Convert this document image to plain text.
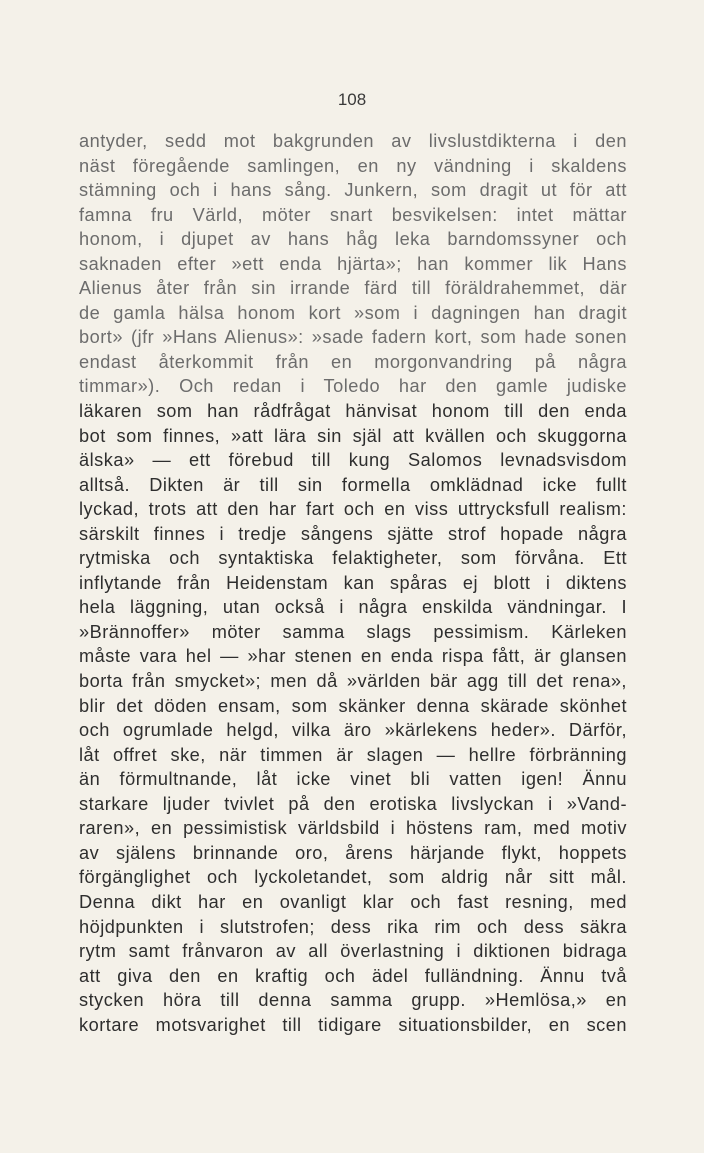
108
antyder, sedd mot bakgrunden av livslustdikterna i den
näst föregående samlingen, en ny vändning i skaldens
stämning och i hans sång. Junkern, som dragit ut för att
famna fru Värld, möter snart besvikelsen: intet mättar
honom, i djupet av hans håg leka barndomssyner och
saknaden efter »ett enda hjärta»; han kommer lik Hans
Alienus åter från sin irrande färd till föräldrahemmet, där
de gamla hälsa honom kort »som i dagningen han dragit
bort» (jfr »Hans Alienus»: »sade fadern kort, som hade sonen
endast återkommit från en morgonvandring på några
timmar»). Och redan i Toledo har den gamle judiske
läkaren som han rådfrågat hänvisat honom till den enda
bot som finnes, »att lära sin själ att kvällen och skuggorna
älska» — ett förebud till kung Salomos levnadsvisdom
alltså. Dikten är till sin formella omklädnad icke fullt
lyckad, trots att den har fart och en viss uttrycksfull realism:
särskilt finnes i tredje sångens sjätte strof hopade några
rytmiska och syntaktiska felaktigheter, som förvåna. Ett
inflytande från Heidenstam kan spåras ej blott i diktens
hela läggning, utan också i några enskilda vändningar. I
»Brännoffer» möter samma slags pessimism. Kärleken
måste vara hel — »har stenen en enda rispa fått, är glansen
borta från smycket»; men då »världen bär agg till det rena»,
blir det döden ensam, som skänker denna skärade skönhet
och ogrumlade helgd, vilka äro »kärlekens heder». Därför,
låt offret ske, när timmen är slagen — hellre förbränning
än förmultnande, låt icke vinet bli vatten igen! Ännu
starkare ljuder tvivlet på den erotiska livslyckan i »Vand-
raren», en pessimistisk världsbild i höstens ram, med motiv
av själens brinnande oro, årens härjande flykt, hoppets
förgänglighet och lyckoletandet, som aldrig når sitt mål.
Denna dikt har en ovanligt klar och fast resning, med
höjdpunkten i slutstrofen; dess rika rim och dess säkra
rytm samt frånvaron av all överlastning i diktionen bidraga
att giva den en kraftig och ädel fulländning. Ännu två
stycken höra till denna samma grupp. »Hemlösa,» en
kortare motsvarighet till tidigare situationsbilder, en scen
